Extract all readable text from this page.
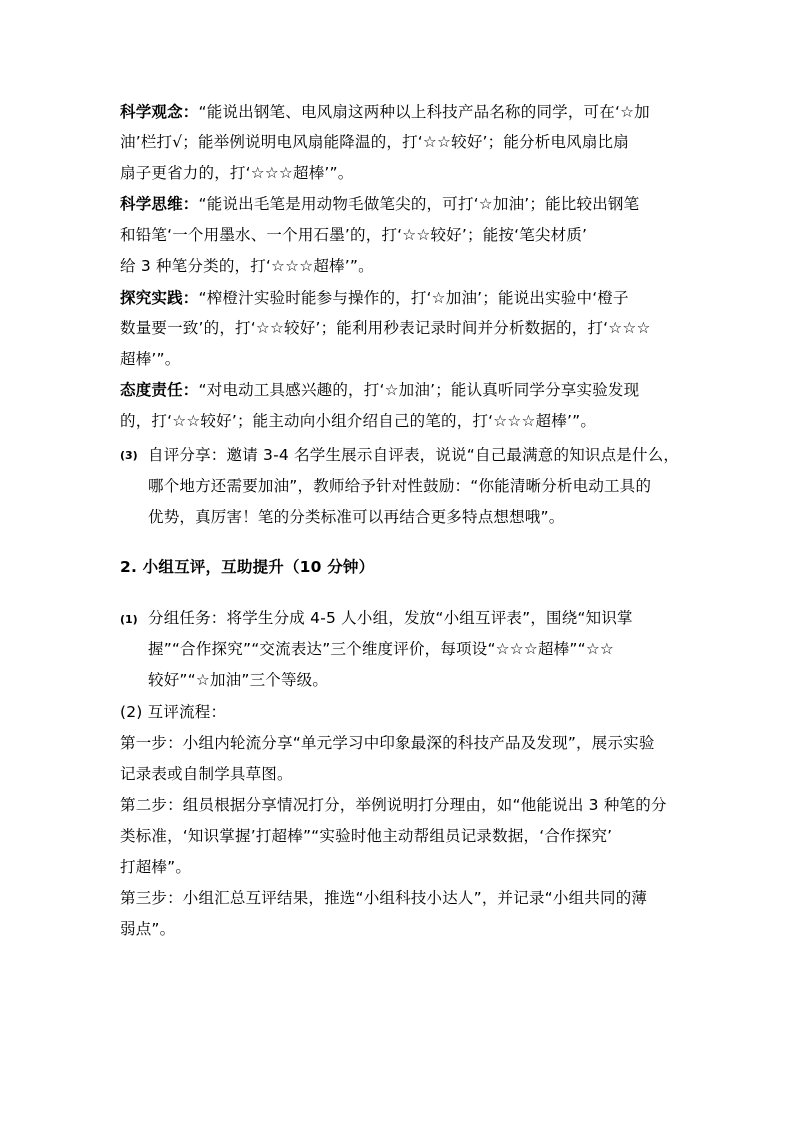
科学观念：“能说出钢笔、电风扇这两种以上科技产品名称的同学，可在‘☆加
油’栏打√；能举例说明电风扇能降温的，打‘☆☆较好’；能分析电风扇比扇
扇子更省力的，打‘☆☆☆超棒’”。
科学思维：“能说出毛笔是用动物毛做笔尖的，可打‘☆加油’；能比较出钢笔
和铅笔‘一个用墨水、一个用石墨’的，打‘☆☆较好’；能按‘笔尖材质’
给 3 种笔分类的，打‘☆☆☆超棒’”。
探究实践：“榨橙汁实验时能参与操作的，打‘☆加油’；能说出实验中‘橙子
数量要一致’的，打‘☆☆较好’；能利用秒表记录时间并分析数据的，打‘☆☆☆
超棒’”。
态度责任：“对电动工具感兴趣的，打‘☆加油’；能认真听同学分享实验发现
的，打‘☆☆较好’；能主动向小组介绍自己的笔的，打‘☆☆☆超棒’”。
(3) 自评分享：邀请 3-4 名学生展示自评表，说说“自己最满意的知识点是什么，
哪个地方还需要加油”，教师给予针对性鼓励：“你能清晰分析电动工具的
优势，真厉害！笔的分类标准可以再结合更多特点想想哦”。
2. 小组互评，互助提升（10 分钟）
(1) 分组任务：将学生分成 4-5 人小组，发放“小组互评表”，围绕“知识掌
握”“合作探究”“交流表达”三个维度评价，每项设“☆☆☆超棒”“☆☆
较好”“☆加油”三个等级。
(2) 互评流程：
第一步：小组内轮流分享“单元学习中印象最深的科技产品及发现”，展示实验
记录表或自制学具草图。
第二步：组员根据分享情况打分，举例说明打分理由，如“他能说出 3 种笔的分
类标准，‘知识掌握’打超棒”“实验时他主动帮组员记录数据，‘合作探究’
打超棒”。
第三步：小组汇总互评结果，推选“小组科技小达人”，并记录“小组共同的薄
弱点”。
